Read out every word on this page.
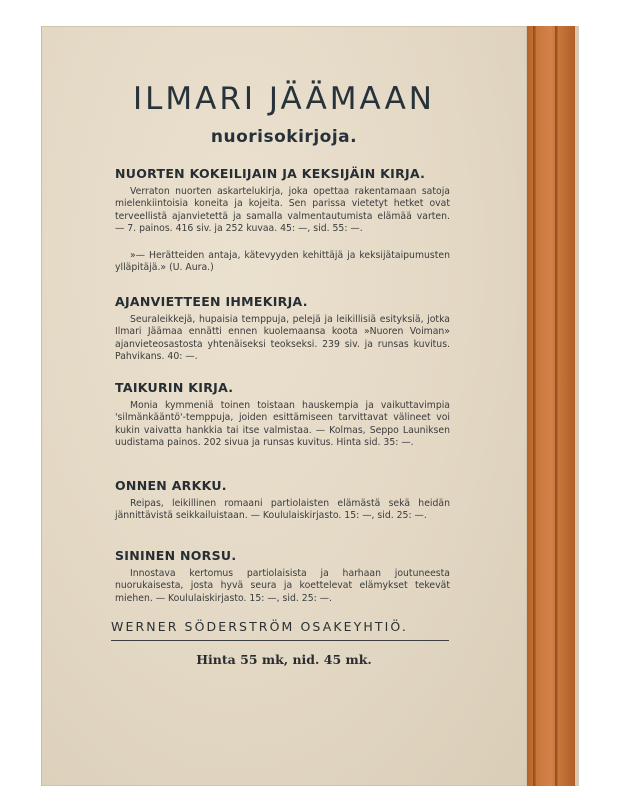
ILMARI JÄÄMAAN
nuorisokirjoja.
NUORTEN KOKEILIJAIN JA KEKSIJÄIN KIRJA.
Verraton nuorten askartelukirja, joka opettaa rakentamaan satoja mielenkiintoisia koneita ja kojeita. Sen parissa vietetyt hetket ovat terveellistä ajanvietettä ja samalla valmentautumista elämää varten. — 7. painos. 416 siv. ja 252 kuvaa. 45: —, sid. 55: —.
»— Herätteiden antaja, kätevyyden kehittäjä ja keksijätaipumusten ylläpitäjä.» (U. Aura.)
AJANVIETTEEN IHMEKIRJA.
Seuraleikkejä, hupaisia temppuja, pelejä ja leikillisiä esityksiä, jotka Ilmari Jäämaa ennätti ennen kuolemaansa koota »Nuoren Voiman» ajanvieteosastosta yhtenäiseksi teokseksi. 239 siv. ja runsas kuvitus. Pahvikans. 40: —.
TAIKURIN KIRJA.
Monia kymmeniä toinen toistaan hauskempia ja vaikuttavimpia 'silmänkääntö'-temppuja, joiden esittämiseen tarvittavat välineet voi kukin vaivatta hankkia tai itse valmistaa. — Kolmas, Seppo Launiksen uudistama painos. 202 sivua ja runsas kuvitus. Hinta sid. 35: —.
ONNEN ARKKU.
Reipas, leikillinen romaani partiolaisten elämästä sekä heidän jännittävistä seikkailuistaan. — Koululaiskirjasto. 15: —, sid. 25: —.
SININEN NORSU.
Innostava kertomus partiolaisista ja harhaan joutuneesta nuorukaisesta, josta hyvä seura ja koettelevat elämykset tekevät miehen. — Koululaiskirjasto. 15: —, sid. 25: —.
WERNER SÖDERSTRÖM OSAKEYHTIÖ.
Hinta 55 mk, nid. 45 mk.
